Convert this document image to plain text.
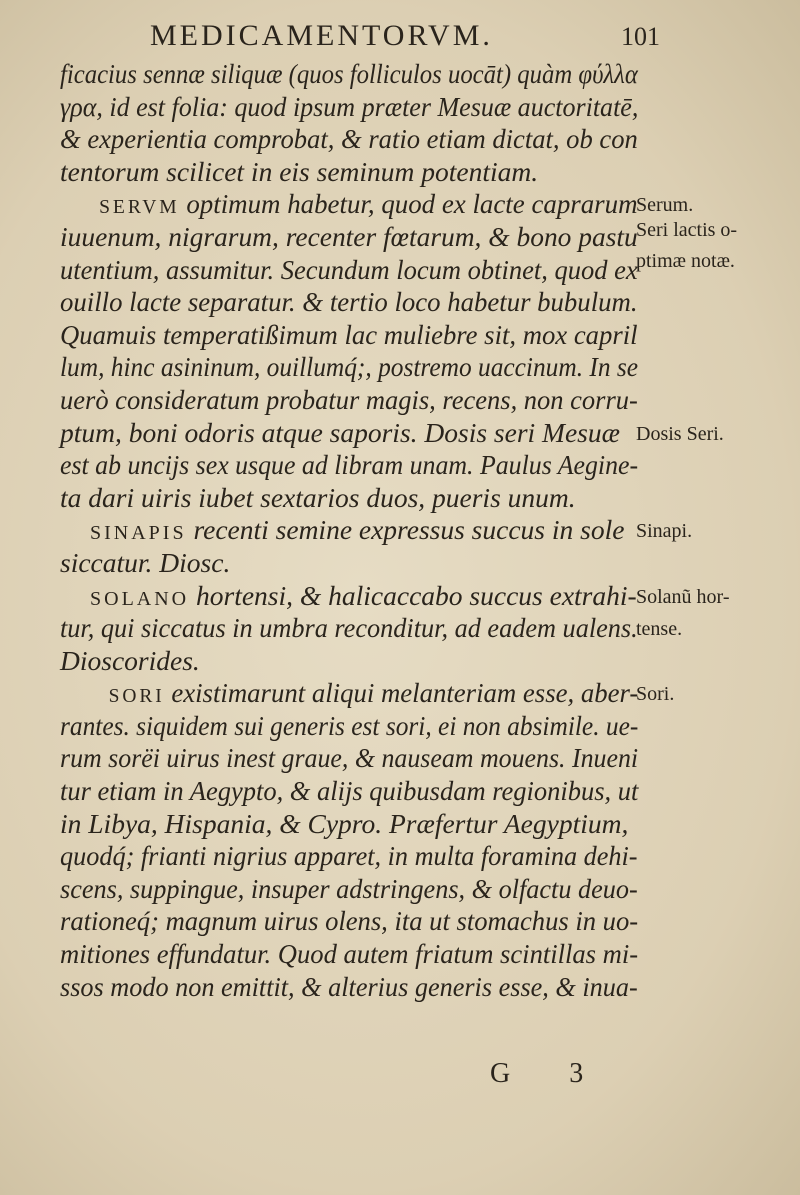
MEDICAMENTORVM.	101
ficacius sennæ siliquæ (quos folliculos uocāt) quàm φύλλα
γρα, id est folia: quod ipsum præter Mesuæ auctoritatē,
& experientia comprobat, & ratio etiam dictat, ob con
tentorum scilicet in eis seminum potentiam.
SERVM optimum habetur, quod ex lacte caprarum
iuuenum, nigrarum, recenter fœtarum, & bono pastu
utentium, assumitur. Secundum locum obtinet, quod ex
ouillo lacte separatur. & tertio loco habetur bubulum.
Quamuis temperatißimum lac muliebre sit, mox capril
lum, hinc asininum, ouillumq́;, postremo uaccinum. In se
uerò consideratum probatur magis, recens, non corru-
ptum, boni odoris atque saporis. Dosis seri Mesuæ
est ab uncijs sex usque ad libram unam. Paulus Aegine-
ta dari uiris iubet sextarios duos, pueris unum.
SINAPIS recenti semine expressus succus in sole
siccatur. Diosc.
SOLANO hortensi, & halicaccabo succus extrahi-
tur, qui siccatus in umbra reconditur, ad eadem ualens.
Dioscorides.
SORI existimarunt aliqui melanteriam esse, aber-
rantes. siquidem sui generis est sori, ei non absimile. ue-
rum sorëi uirus inest graue, & nauseam mouens. Inueni
tur etiam in Aegypto, & alijs quibusdam regionibus, ut
in Libya, Hispania, & Cypro. Præfertur Aegyptium,
quodq́; frianti nigrius apparet, in multa foramina dehi-
scens, suppingue, insuper adstringens, & olfactu deuo-
rationeq́; magnum uirus olens, ita ut stomachus in uo-
mitiones effundatur. Quod autem friatum scintillas mi-
ssos modo non emittit, & alterius generis esse, & inua-
Serum.
Seri lactis o-
ptimæ notæ.
Dosis Seri.
Sinapi.
Solanũ hor-
tense.
Sori.
G 3
